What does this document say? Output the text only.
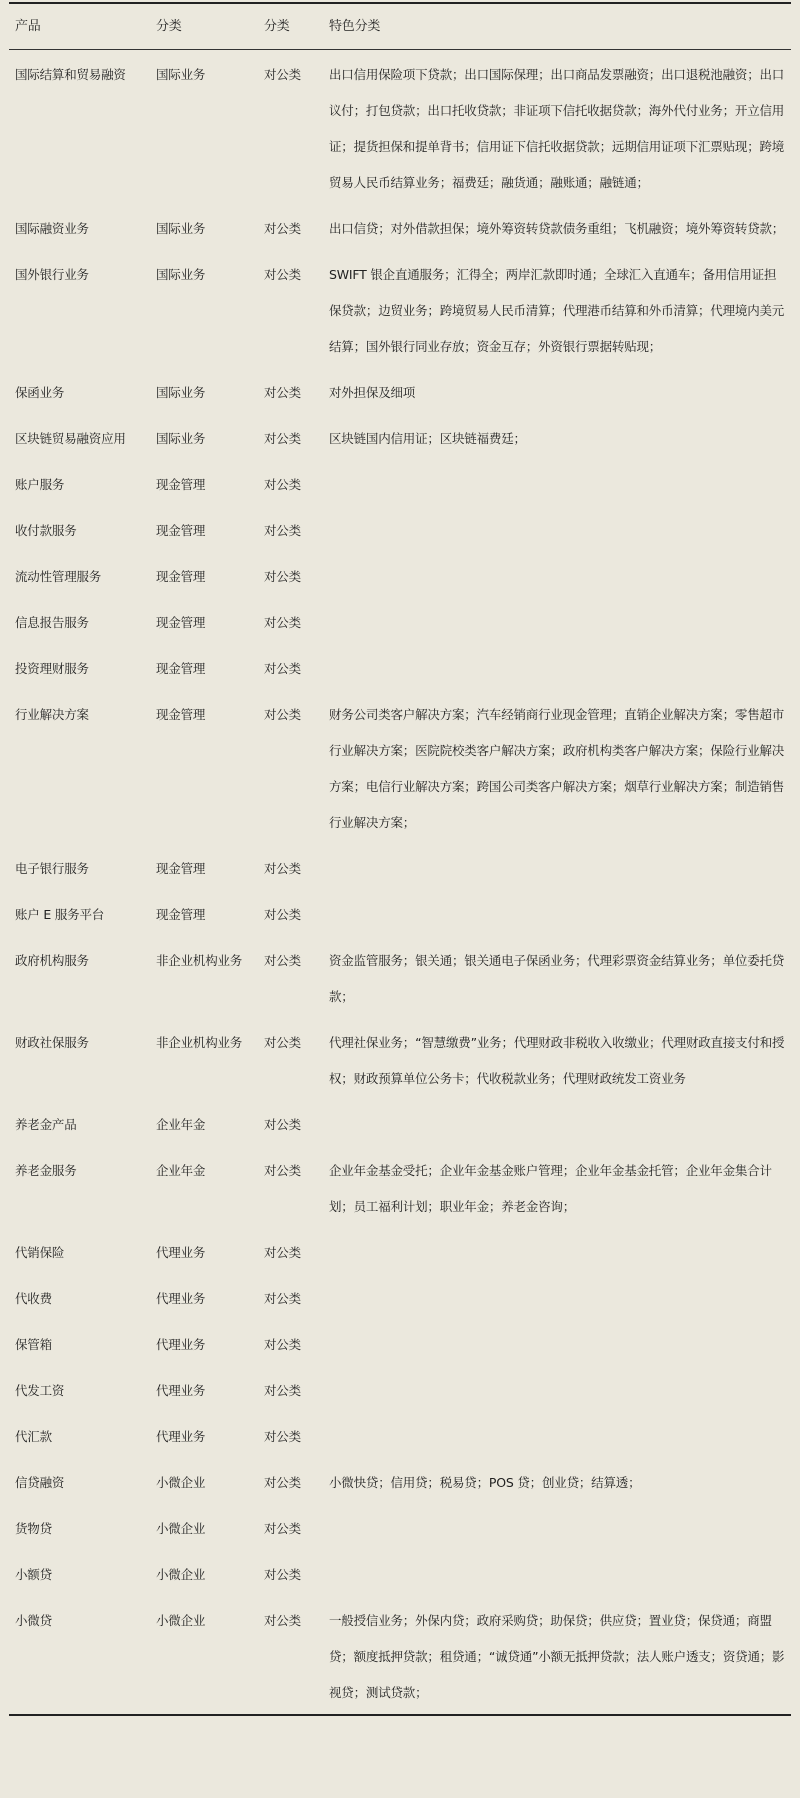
产品	分类	分类	特色分类
国际结算和贸易融资	国际业务	对公类	出口信用保险项下贷款；出口国际保理；出口商品发票融资；出口退税池融资；出口议付；打包贷款；出口托收贷款；非证项下信托收据贷款；海外代付业务；开立信用证；提货担保和提单背书；信用证下信托收据贷款；远期信用证项下汇票贴现；跨境贸易人民币结算业务；福费廷；融货通；融账通；融链通；
国际融资业务	国际业务	对公类	出口信贷；对外借款担保；境外筹资转贷款债务重组；飞机融资；境外筹资转贷款；
国外银行业务	国际业务	对公类	SWIFT 银企直通服务；汇得全；两岸汇款即时通；全球汇入直通车；备用信用证担保贷款；边贸业务；跨境贸易人民币清算；代理港币结算和外币清算；代理境内美元结算；国外银行同业存放；资金互存；外资银行票据转贴现；
保函业务	国际业务	对公类	对外担保及细项
区块链贸易融资应用	国际业务	对公类	区块链国内信用证；区块链福费廷；
账户服务	现金管理	对公类	
收付款服务	现金管理	对公类	
流动性管理服务	现金管理	对公类	
信息报告服务	现金管理	对公类	
投资理财服务	现金管理	对公类	
行业解决方案	现金管理	对公类	财务公司类客户解决方案；汽车经销商行业现金管理；直销企业解决方案；零售超市行业解决方案；医院院校类客户解决方案；政府机构类客户解决方案；保险行业解决方案；电信行业解决方案；跨国公司类客户解决方案；烟草行业解决方案；制造销售行业解决方案；
电子银行服务	现金管理	对公类	
账户 E 服务平台	现金管理	对公类	
政府机构服务	非企业机构业务	对公类	资金监管服务；银关通；银关通电子保函业务；代理彩票资金结算业务；单位委托贷款；
财政社保服务	非企业机构业务	对公类	代理社保业务；“智慧缴费”业务；代理财政非税收入收缴业；代理财政直接支付和授权；财政预算单位公务卡；代收税款业务；代理财政统发工资业务
养老金产品	企业年金	对公类	
养老金服务	企业年金	对公类	企业年金基金受托；企业年金基金账户管理；企业年金基金托管；企业年金集合计划；员工福利计划；职业年金；养老金咨询；
代销保险	代理业务	对公类	
代收费	代理业务	对公类	
保管箱	代理业务	对公类	
代发工资	代理业务	对公类	
代汇款	代理业务	对公类	
信贷融资	小微企业	对公类	小微快贷；信用贷；税易贷；POS 贷；创业贷；结算透；
货物贷	小微企业	对公类	
小额贷	小微企业	对公类	
小微贷	小微企业	对公类	一般授信业务；外保内贷；政府采购贷；助保贷；供应贷；置业贷；保贷通；商盟贷；额度抵押贷款；租贷通；“诚贷通”小额无抵押贷款；法人账户透支；资贷通；影视贷；测试贷款；
